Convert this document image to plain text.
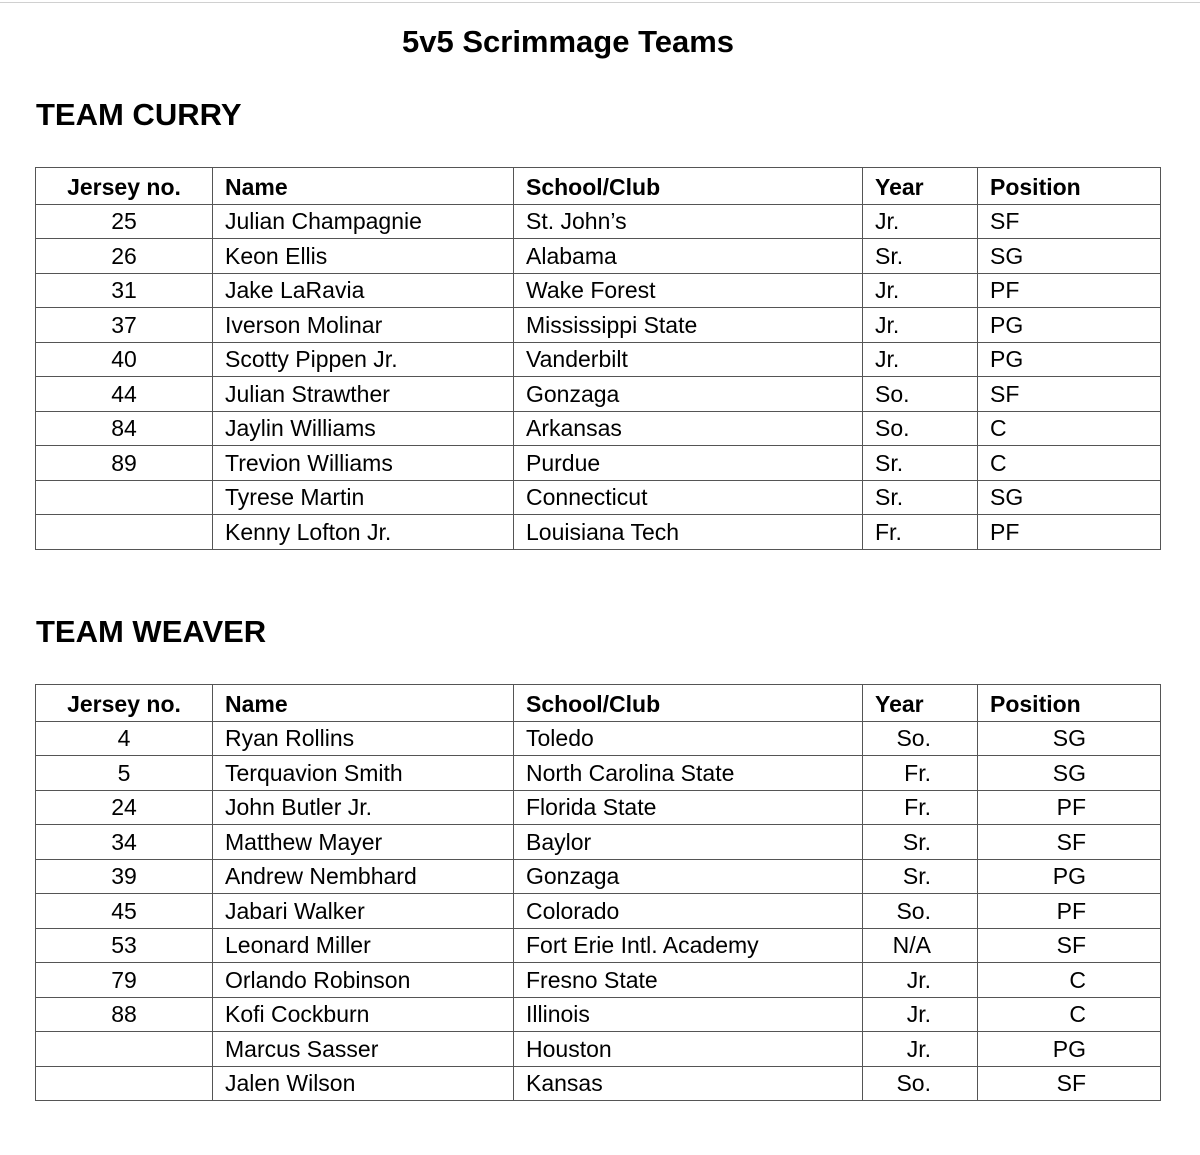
5v5 Scrimmage Teams
TEAM CURRY
Jersey no.	Name	School/Club	Year	Position
25	Julian Champagnie	St. John’s	Jr.	SF
26	Keon Ellis	Alabama	Sr.	SG
31	Jake LaRavia	Wake Forest	Jr.	PF
37	Iverson Molinar	Mississippi State	Jr.	PG
40	Scotty Pippen Jr.	Vanderbilt	Jr.	PG
44	Julian Strawther	Gonzaga	So.	SF
84	Jaylin Williams	Arkansas	So.	C
89	Trevion Williams	Purdue	Sr.	C
	Tyrese Martin	Connecticut	Sr.	SG
	Kenny Lofton Jr.	Louisiana Tech	Fr.	PF
TEAM WEAVER
Jersey no.	Name	School/Club	Year	Position
4	Ryan Rollins	Toledo	So.	SG
5	Terquavion Smith	North Carolina State	Fr.	SG
24	John Butler Jr.	Florida State	Fr.	PF
34	Matthew Mayer	Baylor	Sr.	SF
39	Andrew Nembhard	Gonzaga	Sr.	PG
45	Jabari Walker	Colorado	So.	PF
53	Leonard Miller	Fort Erie Intl. Academy	N/A	SF
79	Orlando Robinson	Fresno State	Jr.	C
88	Kofi Cockburn	Illinois	Jr.	C
	Marcus Sasser	Houston	Jr.	PG
	Jalen Wilson	Kansas	So.	SF
